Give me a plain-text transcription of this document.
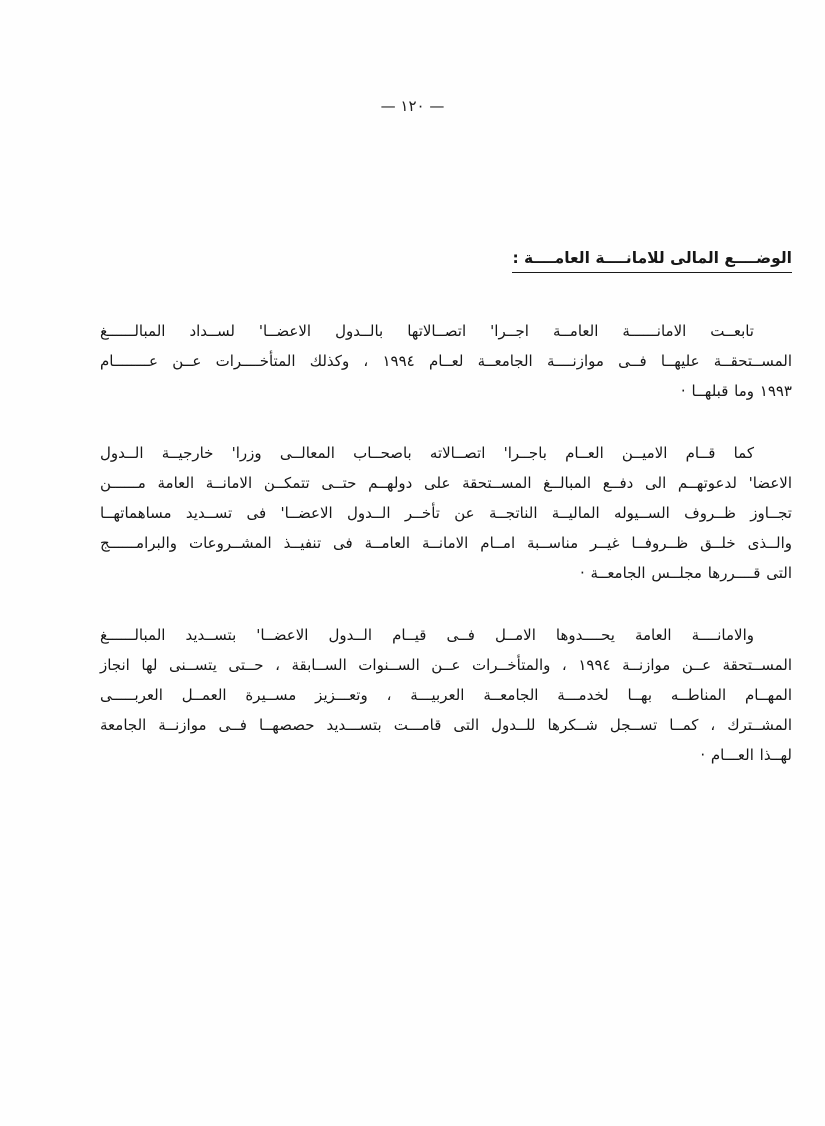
— ١٢٠ —
الوضــــع المالى للامانــــة العامــــة :
تابعــت الامانــــــة العامــة اجــرا' اتصــالاتها بالــدول الاعضــا' لســداد المبالــــــغ
المســتحقــة عليهــا فــى موازنــــة الجامعــة لعــام ١٩٩٤ ، وكذلك المتأخــــرات عــن عــــــــام
١٩٩٣ وما قبلهــا ·
كما قــام الاميــن العــام باجــرا' اتصــالاته باصحــاب المعالــى وزرا' خارجيــة الــدول
الاعضا' لدعوتهــم الى دفــع المبالــغ المســتحقة على دولهــم حتــى تتمكــن الامانــة العامة مــــــن
تجــاوز ظــروف الســيوله الماليــة الناتجــة عن تأخــر الــدول الاعضــا' فى تســديد مساهماتهــا
والــذى خلــق ظــروفــا غيــر مناســبة امــام الامانــة العامــة فى تنفيــذ المشــروعات والبرامــــــج
التى قــــررها مجلــس الجامعــة ·
والامانــــة العامة يحــــدوها الامــل فــى قيــام الــدول الاعضــا' بتســديد المبالــــــغ
المســتحقة عــن موازنــة ١٩٩٤ ، والمتأخــرات عــن الســنوات الســابقة ، حــتى يتســنى لها انجاز
المهــام المناطــه بهــا لخدمـــة الجامعــة العربيـــة ، وتعـــزيز مســيرة العمــل العربـــــى
المشــترك ، كمــا تســجل شــكرها للــدول التى قامـــت بتســـديد حصصهــا فــى موازنــة الجامعة
لهــذا العـــام ·
